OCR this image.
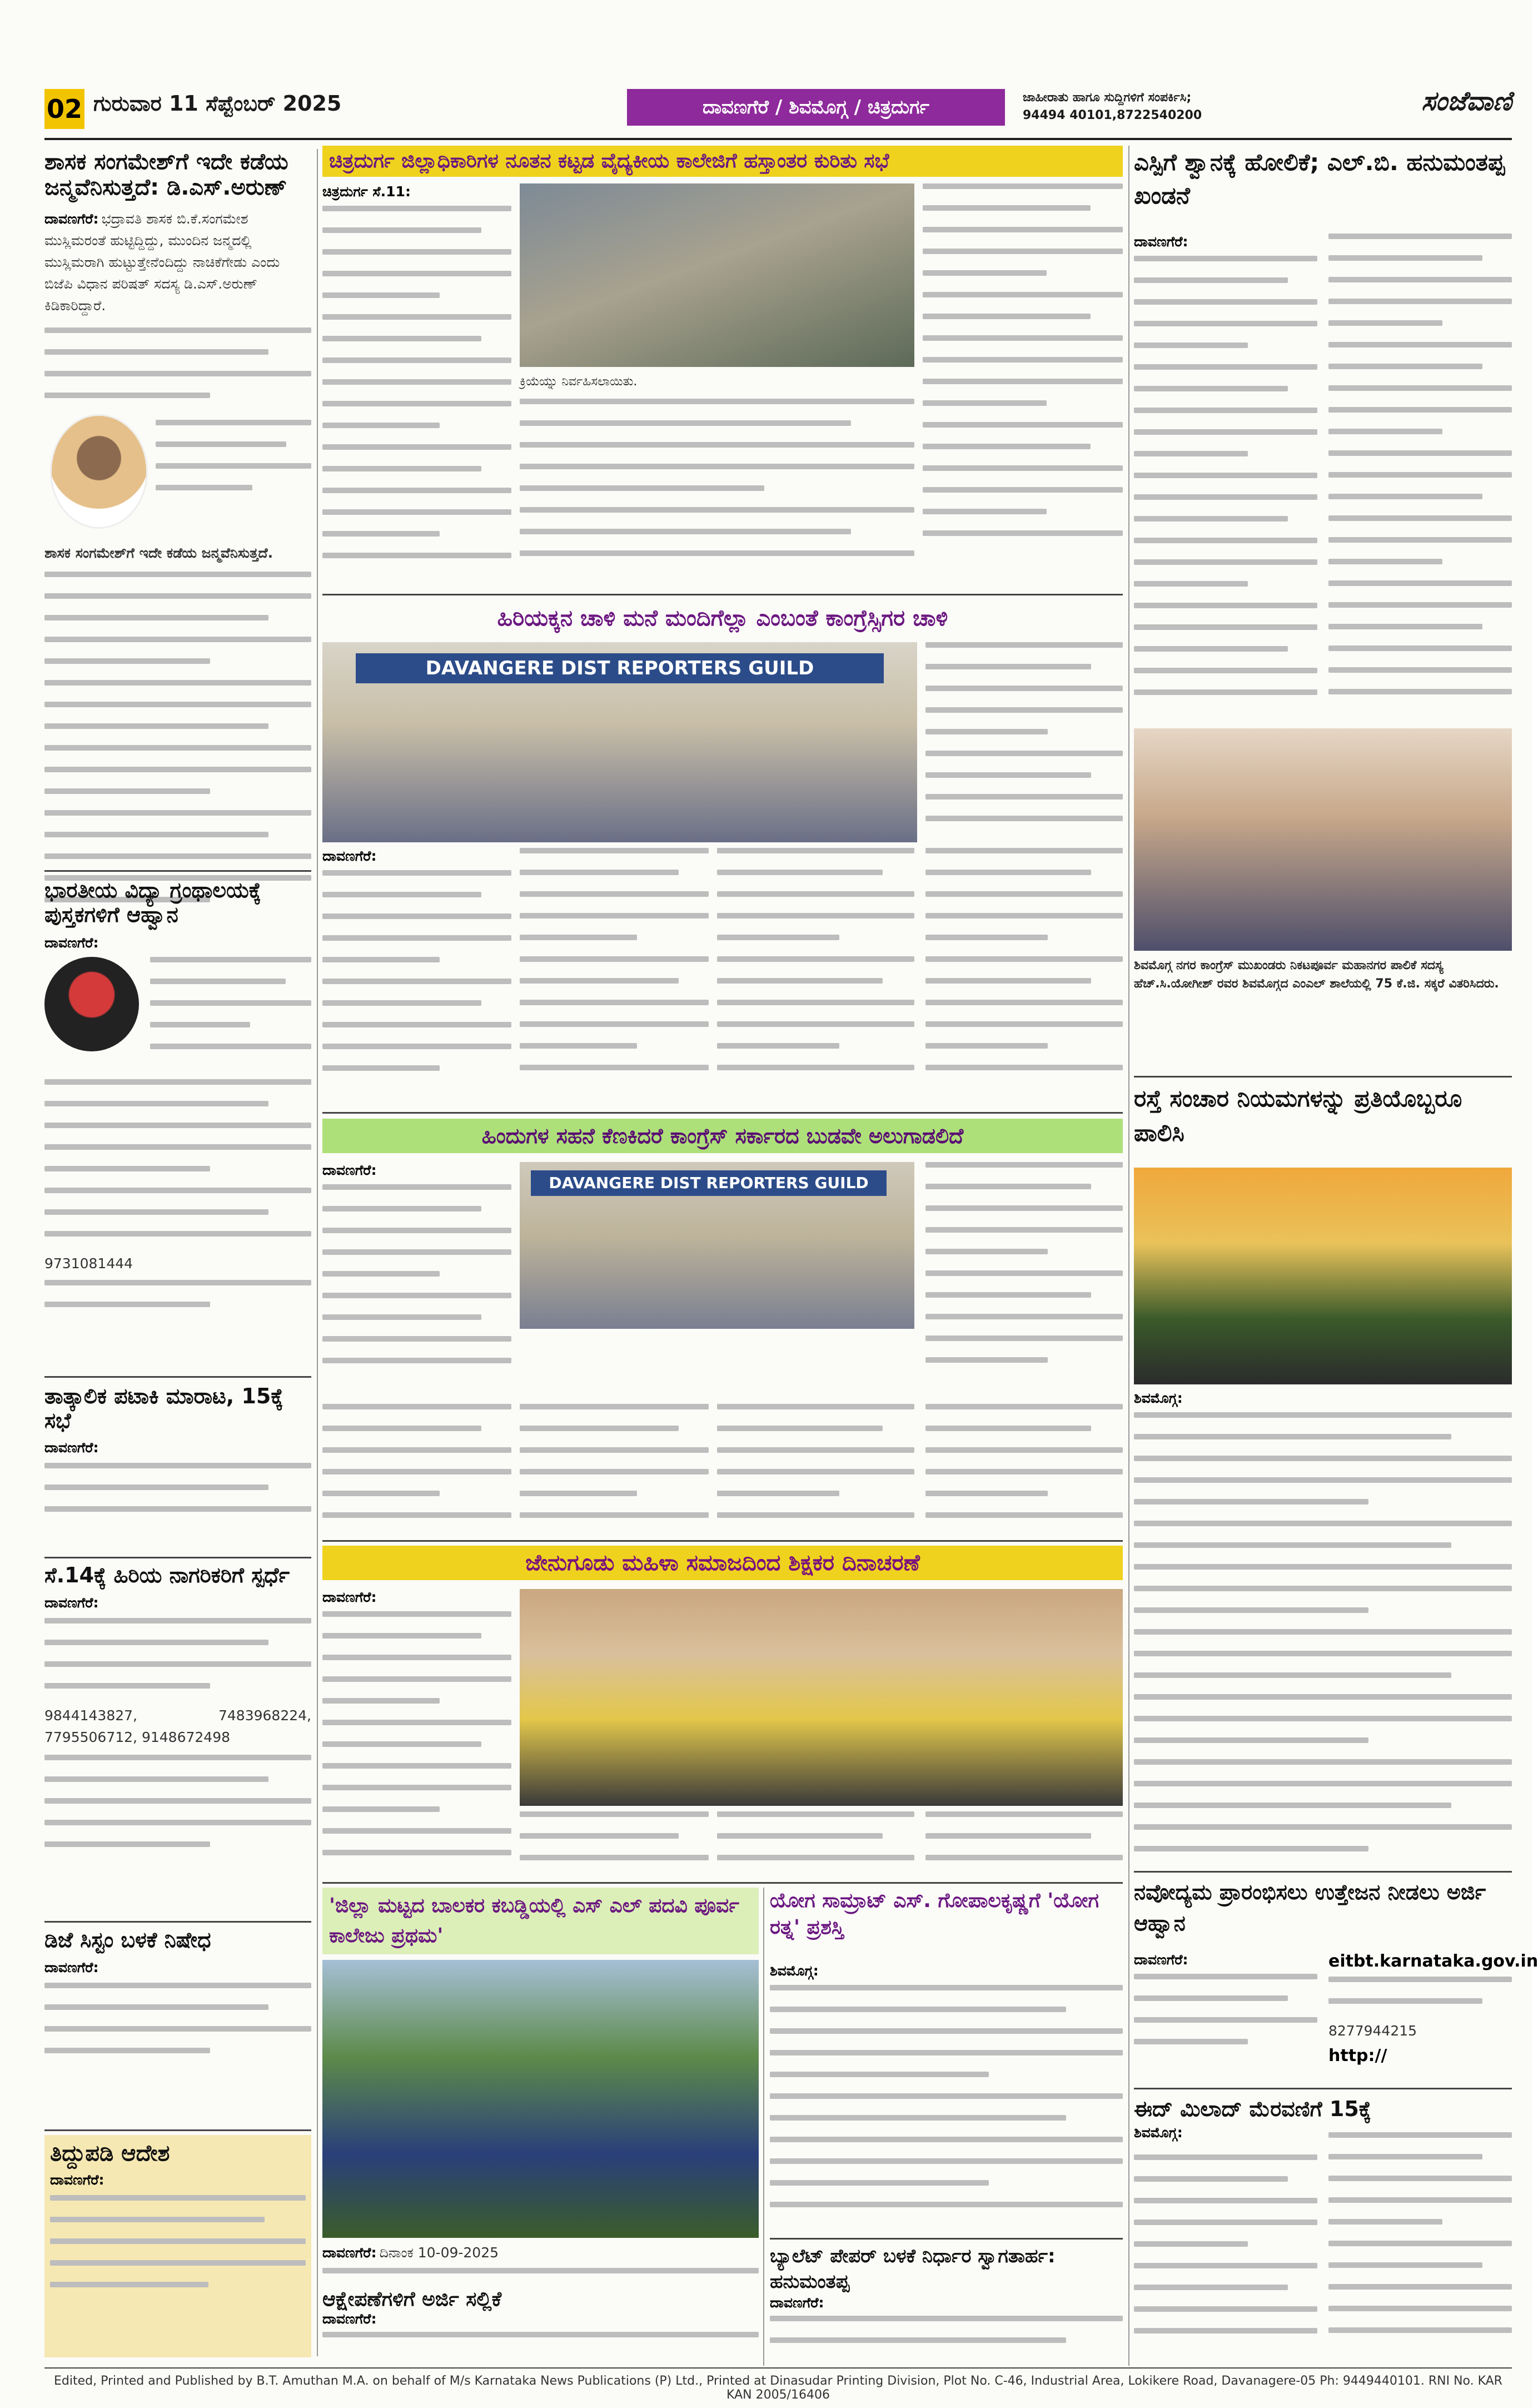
02 ಗುರುವಾರ 11 ಸೆಪ್ಟೆಂಬರ್ 2025	ದಾವಣಗೆರೆ / ಶಿವಮೊಗ್ಗ / ಚಿತ್ರದುರ್ಗ	ಜಾಹೀರಾತು ಹಾಗೂ ಸುದ್ದಿಗಳಿಗೆ ಸಂಪರ್ಕಿಸಿ;
94494 40101,8722540200	ಸಂಜೆವಾಣಿ
ಶಾಸಕ ಸಂಗಮೇಶ್‌ಗೆ ಇದೇ ಕಡೆಯ ಜನ್ಮವೆನಿಸುತ್ತದೆ: ಡಿ.ಎಸ್.ಅರುಣ್
ದಾವಣಗೆರೆ: ಭದ್ರಾವತಿ ಶಾಸಕ ಬಿ.ಕೆ.ಸಂಗಮೇಶ ಮುಸ್ಲಿಮರಂತೆ ಹುಟ್ಟಿದ್ದಿದ್ದು, ಮುಂದಿನ ಜನ್ಮದಲ್ಲಿ ಮುಸ್ಲಿಮರಾಗಿ ಹುಟ್ಟುತ್ತೇನೆಂದಿದ್ದು ನಾಚಿಕೆಗೇಡು ಎಂದು ಬಿಜೆಪಿ ವಿಧಾನ ಪರಿಷತ್ ಸದಸ್ಯ ಡಿ.ಎಸ್.ಅರುಣ್ ಕಿಡಿಕಾರಿದ್ದಾರೆ.
ಶಾಸಕ ಸಂಗಮೇಶ್‌ಗೆ ಇದೇ ಕಡೆಯ ಜನ್ಮವೆನಿಸುತ್ತದೆ.
ಭಾರತೀಯ ವಿದ್ಯಾ ಗ್ರಂಥಾಲಯಕ್ಕೆ ಪುಸ್ತಕಗಳಿಗೆ ಆಹ್ವಾನ
ದಾವಣಗೆರೆ:
9731081444
ತಾತ್ಕಾಲಿಕ ಪಟಾಕಿ ಮಾರಾಟ, 15ಕ್ಕೆ ಸಭೆ
ದಾವಣಗೆರೆ:
ಸೆ.14ಕ್ಕೆ ಹಿರಿಯ ನಾಗರಿಕರಿಗೆ ಸ್ಪರ್ಧೆ
ದಾವಣಗೆರೆ:
9844143827, 7483968224, 7795506712, 9148672498
ಡಿಜೆ ಸಿಸ್ಟಂ ಬಳಕೆ ನಿಷೇಧ
ದಾವಣಗೆರೆ:
ತಿದ್ದುಪಡಿ ಆದೇಶ
ದಾವಣಗೆರೆ:
ಚಿತ್ರದುರ್ಗ ಜಿಲ್ಲಾಧಿಕಾರಿಗಳ ನೂತನ ಕಟ್ಟಡ ವೈದ್ಯಕೀಯ ಕಾಲೇಜಿಗೆ ಹಸ್ತಾಂತರ ಕುರಿತು ಸಭೆ
ಚಿತ್ರದುರ್ಗ ಸೆ.11:
ಕ್ರಿಯೆಯ್ನು ನಿರ್ವಹಿಸಲಾಯಿತು.
ಹಿರಿಯಕ್ಕನ ಚಾಳಿ ಮನೆ ಮಂದಿಗೆಲ್ಲಾ ಎಂಬಂತೆ ಕಾಂಗ್ರೆಸ್ಸಿಗರ ಚಾಳಿ
DAVANGERE DIST REPORTERS GUILD
ದಾವಣಗೆರೆ:
ಹಿಂದುಗಳ ಸಹನೆ ಕೆಣಕಿದರೆ ಕಾಂಗ್ರೆಸ್ ಸರ್ಕಾರದ ಬುಡವೇ ಅಲುಗಾಡಲಿದೆ
ದಾವಣಗೆರೆ:
DAVANGERE DIST REPORTERS GUILD
ಜೇನುಗೂಡು ಮಹಿಳಾ ಸಮಾಜದಿಂದ ಶಿಕ್ಷಕರ ದಿನಾಚರಣೆ
ದಾವಣಗೆರೆ:
'ಜಿಲ್ಲಾ ಮಟ್ಟದ ಬಾಲಕರ ಕಬಡ್ಡಿಯಲ್ಲಿ ಎಸ್ ಎಲ್ ಪದವಿ ಪೂರ್ವ ಕಾಲೇಜು ಪ್ರಥಮ'
ದಾವಣಗೆರೆ: ದಿನಾಂಕ 10-09-2025
ಆಕ್ಷೇಪಣೆಗಳಿಗೆ ಅರ್ಜಿ ಸಲ್ಲಿಕೆ
ದಾವಣಗೆರೆ:
ಯೋಗ ಸಾಮ್ರಾಟ್ ಎಸ್. ಗೋಪಾಲಕೃಷ್ಣಗೆ 'ಯೋಗ ರತ್ನ' ಪ್ರಶಸ್ತಿ
ಶಿವಮೊಗ್ಗ:
ಬ್ಯಾಲೆಟ್ ಪೇಪರ್ ಬಳಕೆ ನಿರ್ಧಾರ ಸ್ವಾಗತಾರ್ಹ: ಹನುಮಂತಪ್ಪ
ದಾವಣಗೆರೆ:
ಎಸ್ಪಿಗೆ ಶ್ವಾನಕ್ಕೆ ಹೋಲಿಕೆ; ಎಲ್.ಬಿ. ಹನುಮಂತಪ್ಪ ಖಂಡನೆ
ದಾವಣಗೆರೆ:
ಶಿವಮೊಗ್ಗ ನಗರ ಕಾಂಗ್ರೆಸ್ ಮುಖಂಡರು ನಿಕಟಪೂರ್ವ ಮಹಾನಗರ ಪಾಲಿಕೆ ಸದಸ್ಯ ಹೆಚ್.ಸಿ.ಯೋಗೀಶ್ ರವರ ಶಿವಮೊಗ್ಗದ ಎಂಎಲ್ ಶಾಲೆಯಲ್ಲಿ 75 ಕೆ.ಜಿ. ಸಕ್ಕರೆ ವಿತರಿಸಿದರು.
ರಸ್ತೆ ಸಂಚಾರ ನಿಯಮಗಳನ್ನು ಪ್ರತಿಯೊಬ್ಬರೂ ಪಾಲಿಸಿ
ಶಿವಮೊಗ್ಗ:
ನವೋದ್ಯಮ ಪ್ರಾರಂಭಿಸಲು ಉತ್ತೇಜನ ನೀಡಲು ಅರ್ಜಿ ಆಹ್ವಾನ
ದಾವಣಗೆರೆ:	eitbt.karnataka.gov.in
8277944215
http://
ಈದ್ ಮಿಲಾದ್ ಮೆರವಣಿಗೆ 15ಕ್ಕೆ
ಶಿವಮೊಗ್ಗ:
Edited, Printed and Published by B.T. Amuthan M.A. on behalf of M/s Karnataka News Publications (P) Ltd., Printed at Dinasudar Printing Division, Plot No. C-46, Industrial Area, Lokikere Road, Davanagere-05 Ph: 9449440101. RNI No. KAR KAN 2005/16406
